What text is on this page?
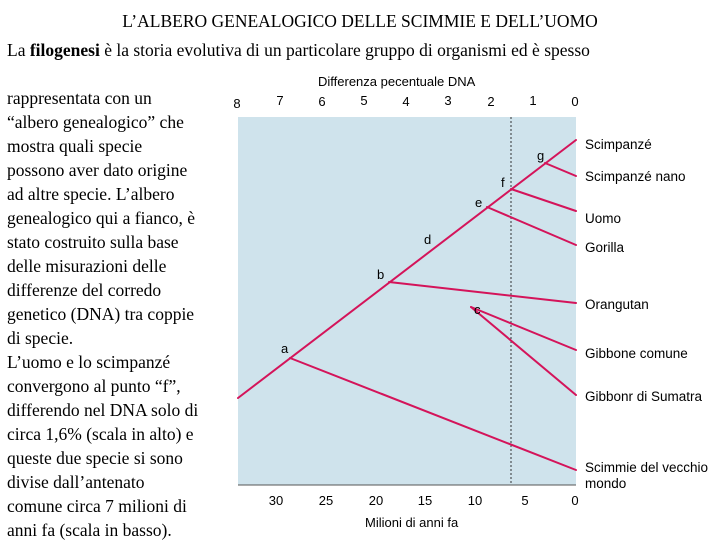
L’ALBERO GENEALOGICO DELLE SCIMMIE E DELL’UOMO
La filogenesi è la storia evolutiva di un particolare gruppo di organismi ed è spesso

rappresentata con un

“albero genealogico” che

mostra quali specie

possono aver dato origine

ad altre specie. L’albero

genealogico qui a fianco, è

stato costruito sulla base

delle misurazioni delle

differenze del corredo

genetico (DNA) tra coppie

di specie.

L’uomo e lo scimpanzé

convergono al punto “f”,

differendo nel DNA solo di

circa 1,6% (scala in alto) e

queste due specie si sono

divise dall’antenato

comune circa 7 milioni di

anni fa (scala in basso).

Differenza pecentuale DNA
8	7	6	5	4	3	2	1	0
30	25	20	15	10	5	0
Milioni di anni fa
a
b
c
d
e
f
g
Scimpanzé
Scimpanzé nano
Uomo
Gorilla
Orangutan
Gibbone comune
Gibbonr di Sumatra
Scimmie del vecchio
mondo
